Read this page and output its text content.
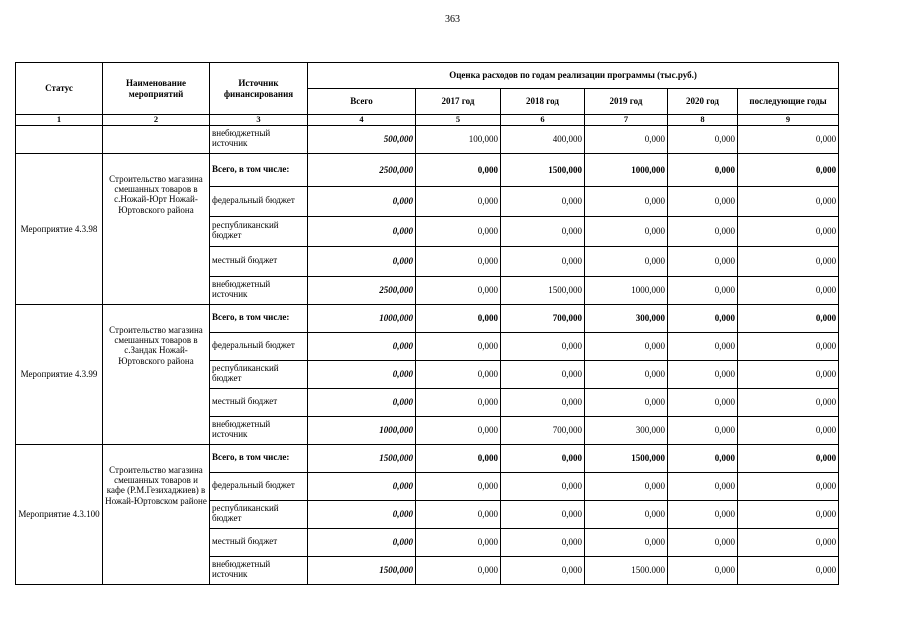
363
Статус	Наименование мероприятий	Источник финансирования	Оценка расходов по годам реализации программы (тыс.руб.)					
			Всего	2017 год	2018 год	2019 год	2020 год	последующие годы
1	2	3	4	5	6	7	8	9
		внебюджетный источник	500,000	100,000	400,000	0,000	0,000	0,000
Мероприятие 4.3.98	Строительство магазина смешанных товаров в с.Ножай-Юрт Ножай-Юртовского района	Всего, в том числе:	2500,000	0,000	1500,000	1000,000	0,000	0,000
		федеральный бюджет	0,000	0,000	0,000	0,000	0,000	0,000
		республиканский бюджет	0,000	0,000	0,000	0,000	0,000	0,000
		местный бюджет	0,000	0,000	0,000	0,000	0,000	0,000
		внебюджетный источник	2500,000	0,000	1500,000	1000,000	0,000	0,000
Мероприятие 4.3.99	Строительство магазина смешанных товаров в с.Зандак Ножай-Юртовского района	Всего, в том числе:	1000,000	0,000	700,000	300,000	0,000	0,000
		федеральный бюджет	0,000	0,000	0,000	0,000	0,000	0,000
		республиканский бюджет	0,000	0,000	0,000	0,000	0,000	0,000
		местный бюджет	0,000	0,000	0,000	0,000	0,000	0,000
		внебюджетный источник	1000,000	0,000	700,000	300,000	0,000	0,000
Мероприятие 4.3.100	Строительство магазина смешанных товаров и кафе (Р.М.Гезихаджиев) в Ножай-Юртовском районе	Всего, в том числе:	1500,000	0,000	0,000	1500,000	0,000	0,000
		федеральный бюджет	0,000	0,000	0,000	0,000	0,000	0,000
		республиканский бюджет	0,000	0,000	0,000	0,000	0,000	0,000
		местный бюджет	0,000	0,000	0,000	0,000	0,000	0,000
		внебюджетный источник	1500,000	0,000	0,000	1500.000	0,000	0,000
